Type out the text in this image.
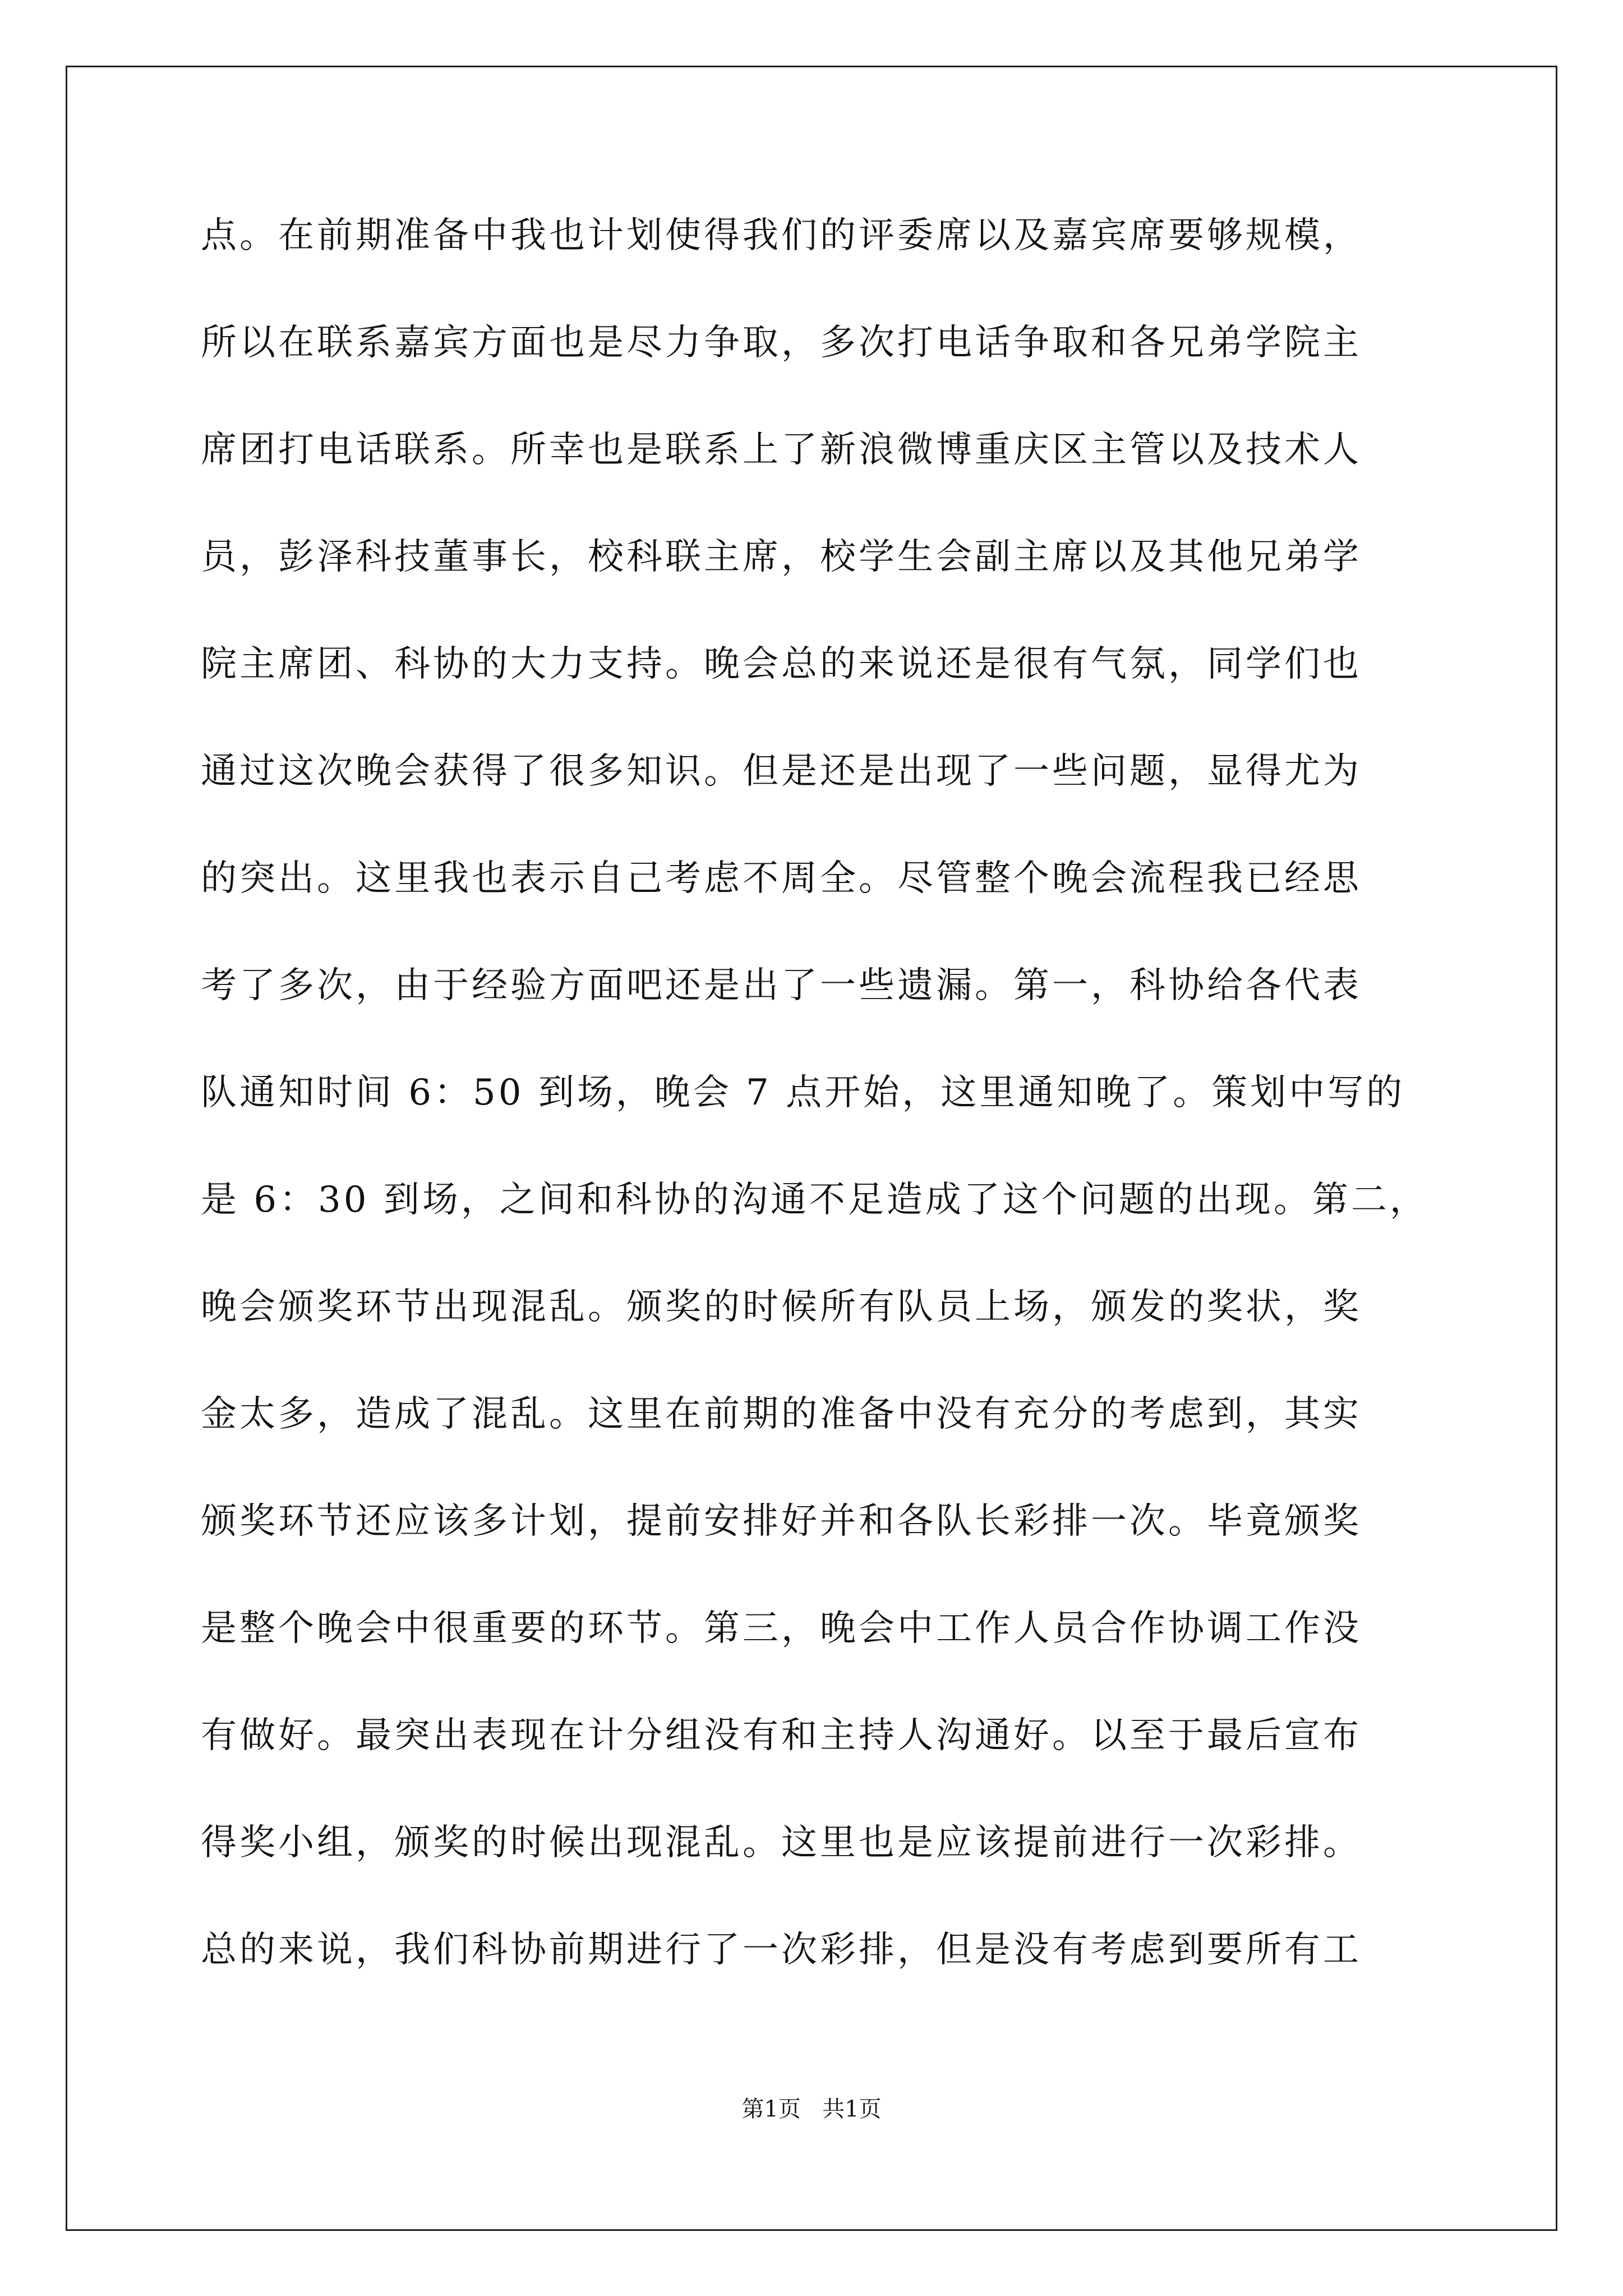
点。在前期准备中我也计划使得我们的评委席以及嘉宾席要够规模，
所以在联系嘉宾方面也是尽力争取，多次打电话争取和各兄弟学院主
席团打电话联系。所幸也是联系上了新浪微博重庆区主管以及技术人
员，彭泽科技董事长，校科联主席，校学生会副主席以及其他兄弟学
院主席团、科协的大力支持。晚会总的来说还是很有气氛，同学们也
通过这次晚会获得了很多知识。但是还是出现了一些问题，显得尤为
的突出。这里我也表示自己考虑不周全。尽管整个晚会流程我已经思
考了多次，由于经验方面吧还是出了一些遗漏。第一，科协给各代表
队通知时间 6：50 到场，晚会 7 点开始，这里通知晚了。策划中写的
是 6：30 到场，之间和科协的沟通不足造成了这个问题的出现。第二，
晚会颁奖环节出现混乱。颁奖的时候所有队员上场，颁发的奖状，奖
金太多，造成了混乱。这里在前期的准备中没有充分的考虑到，其实
颁奖环节还应该多计划，提前安排好并和各队长彩排一次。毕竟颁奖
是整个晚会中很重要的环节。第三，晚会中工作人员合作协调工作没
有做好。最突出表现在计分组没有和主持人沟通好。以至于最后宣布
得奖小组，颁奖的时候出现混乱。这里也是应该提前进行一次彩排。
总的来说，我们科协前期进行了一次彩排，但是没有考虑到要所有工
第1页 共1页
